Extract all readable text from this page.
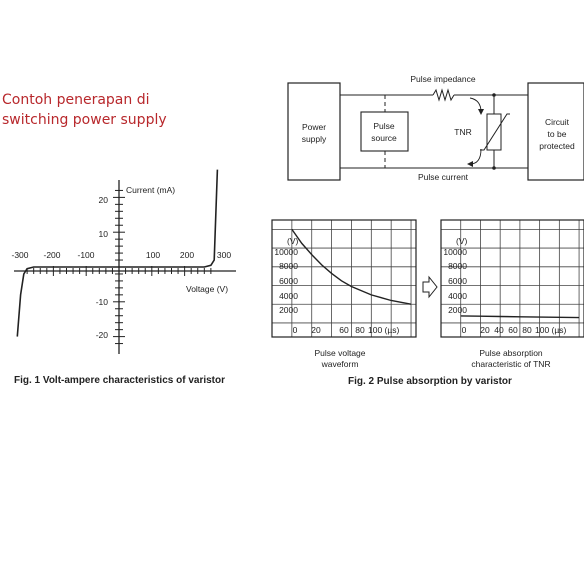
Contoh penerapan di
switching power supply
Current (mA)
Voltage (V)
-300 -200 -100	100 200	300
20
10
-10
-20
Fig. 1 Volt-ampere characteristics of varistor
Power
supply
Circuit
to be
protected
Pulse impedance
Pulse current
Pulse
source
TNR
(V)
10000
8000
6000
4000
2000
0 20 60 80 100 (µs)
Pulse voltage
waveform
(V)
10000
8000
6000
4000
2000
0 20 40 60 80 100 (µs)
Pulse absorption
characteristic of TNR
Fig. 2 Pulse absorption by varistor
